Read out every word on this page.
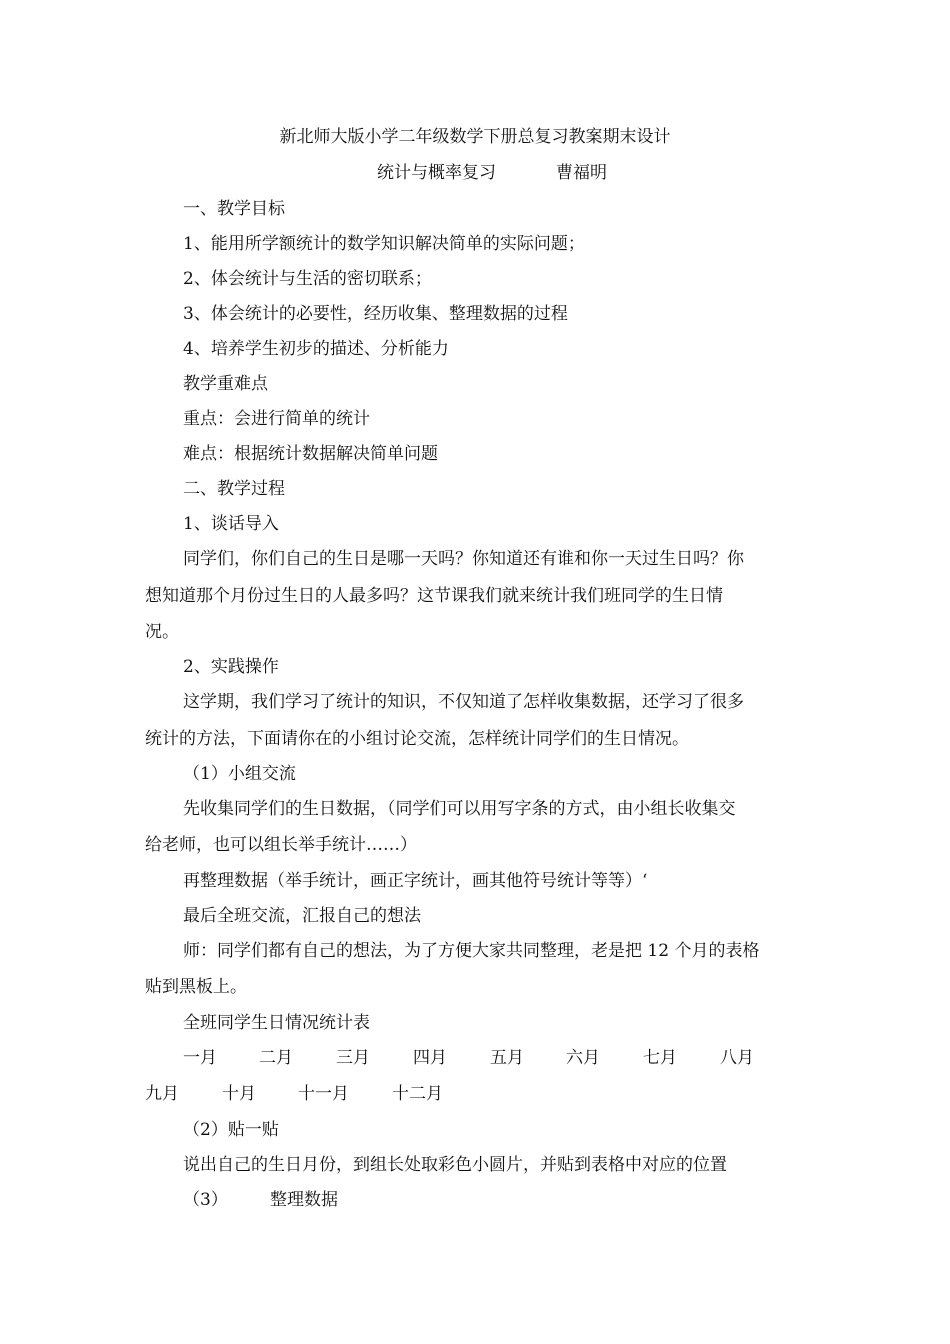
新北师大版小学二年级数学下册总复习教案期末设计
统计与概率复习	曹福明
一、教学目标
1、能用所学额统计的数学知识解决简单的实际问题；
2、体会统计与生活的密切联系；
3、体会统计的必要性，经历收集、整理数据的过程
4、培养学生初步的描述、分析能力
教学重难点
重点：会进行简单的统计
难点：根据统计数据解决简单问题
二、教学过程
1、谈话导入
同学们，你们自己的生日是哪一天吗？你知道还有谁和你一天过生日吗？你
想知道那个月份过生日的人最多吗？这节课我们就来统计我们班同学的生日情
况。
2、实践操作
这学期，我们学习了统计的知识，不仅知道了怎样收集数据，还学习了很多
统计的方法，下面请你在的小组讨论交流，怎样统计同学们的生日情况。
（1）小组交流
先收集同学们的生日数据，（同学们可以用写字条的方式，由小组长收集交
给老师，也可以组长举手统计……）
再整理数据（举手统计，画正字统计，画其他符号统计等等）‘
最后全班交流，汇报自己的想法
师：同学们都有自己的想法，为了方便大家共同整理，老是把 12 个月的表格
贴到黑板上。
全班同学生日情况统计表
一月 二月	三月	四月	五月 六月	七月	八月
九月	十月 十一月	十二月
（2）贴一贴
说出自己的生日月份，到组长处取彩色小圆片，并贴到表格中对应的位置
（3） 整理数据
